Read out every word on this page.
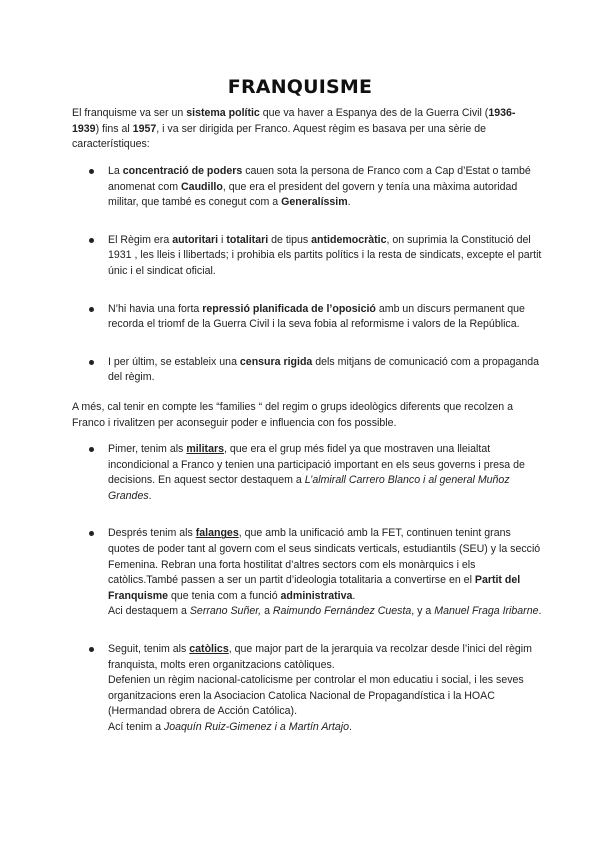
FRANQUISME

El franquisme va ser un sistema polític que va haver a Espanya des de la Guerra Civil (1936-1939) fins al 1957, i va ser dirigida per Franco. Aquest règim es basava per una sèrie de característiques:

La concentració de poders cauen sota la persona de Franco com a Cap d’Estat o també anomenat com Caudillo, que era el president del govern y tenía una màxima autoridad militar, que també es conegut com a Generalíssim.
El Règim era autoritari i totalitari de tipus antidemocràtic, on suprimia la Constitució del 1931 , les lleis i llibertads; i prohibia els partits polítics i la resta de sindicats, excepte el partit únic i el sindicat oficial.
N’hi havia una forta repressió planificada de l’oposició amb un discurs permanent que recorda el triomf de la Guerra Civil i la seva fobia al reformisme i valors de la República.
I per últim, se estableix una censura rigida dels mitjans de comunicació com a propaganda del règim.

A més, cal tenir en compte les “families “ del regim o grups ideològics diferents que recolzen a Franco i rivalitzen per aconseguir poder e influencia con fos possible.

Pimer, tenim als militars, que era el grup més fidel ya que mostraven una lleialtat incondicional a Franco y tenien una participació important en els seus governs i presa de decisions. En aquest sector destaquem a L’almirall Carrero Blanco i al general Muñoz Grandes.
Després tenim als falanges, que amb la unificació amb la FET, continuen tenint grans quotes de poder tant al govern com el seus sindicats verticals, estudiantils (SEU) y la secció Femenina. Rebran una forta hostilitat d’altres sectors com els monàrquics i els catòlics.També passen a ser un partit d’ideologia totalitaria a convertirse en el Partit del Franquisme que tenia com a funció administrativa.
Aci destaquem a Serrano Suñer, a Raimundo Fernández Cuesta, y a Manuel Fraga Iribarne.
Seguit, tenim als catòlics, que major part de la jerarquia va recolzar desde l’inici del règim franquista, molts eren organitzacions catòliques.
Defenien un règim nacional-catolicisme per controlar el mon educatiu i social, i les seves organitzacions eren la Asociacion Catolica Nacional de Propagandística i la HOAC (Hermandad obrera de Acción Católica).
Ací tenim a Joaquín Ruiz-Gimenez i a Martín Artajo.
